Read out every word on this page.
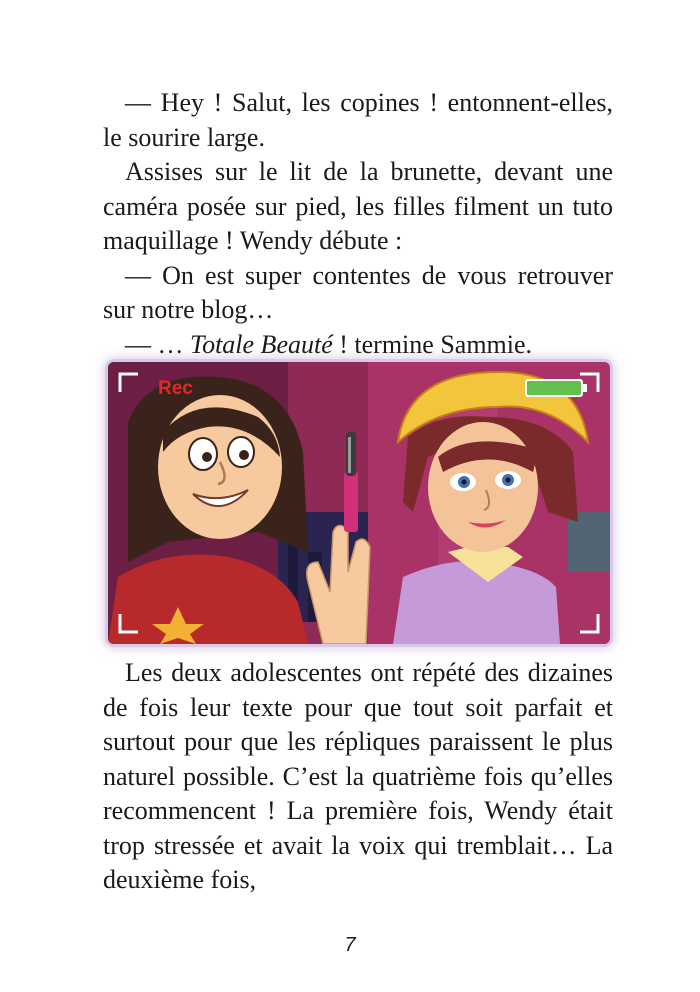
— Hey ! Salut, les copines ! entonnent-elles, le sourire large.

Assises sur le lit de la brunette, devant une caméra posée sur pied, les filles filment un tuto maquillage ! Wendy débute :

— On est super contentes de vous retrouver sur notre blog…

— … Totale Beauté ! termine Sammie.

Rec

Les deux adolescentes ont répété des dizaines de fois leur texte pour que tout soit parfait et surtout pour que les répliques paraissent le plus naturel possible. C’est la quatrième fois qu’elles recommencent ! La première fois, Wendy était trop stressée et avait la voix qui tremblait… La deuxième fois,

7
